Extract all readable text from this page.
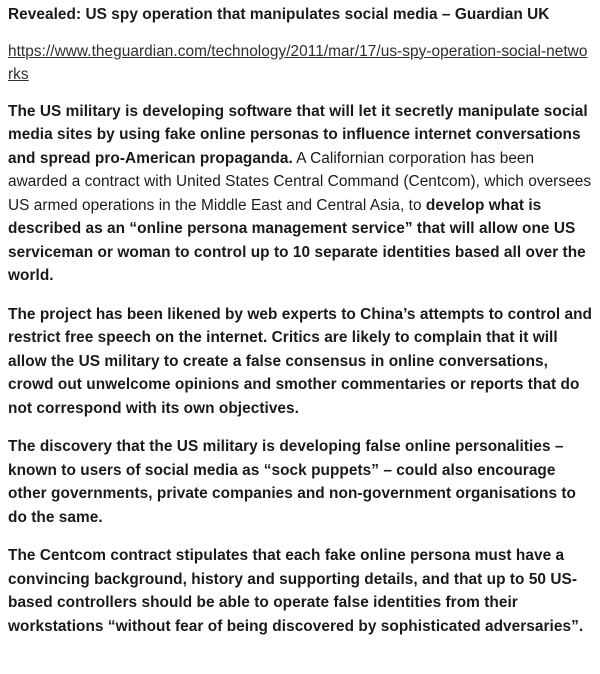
Revealed: US spy operation that manipulates social media – Guardian UK
https://www.theguardian.com/technology/2011/mar/17/us-spy-operation-social-networks
The US military is developing software that will let it secretly manipulate social media sites by using fake online personas to influence internet conversations and spread pro-American propaganda. A Californian corporation has been awarded a contract with United States Central Command (Centcom), which oversees US armed operations in the Middle East and Central Asia, to develop what is described as an “online persona management service” that will allow one US serviceman or woman to control up to 10 separate identities based all over the world.
The project has been likened by web experts to China’s attempts to control and restrict free speech on the internet. Critics are likely to complain that it will allow the US military to create a false consensus in online conversations, crowd out unwelcome opinions and smother commentaries or reports that do not correspond with its own objectives.
The discovery that the US military is developing false online personalities – known to users of social media as “sock puppets” – could also encourage other governments, private companies and non-government organisations to do the same.
The Centcom contract stipulates that each fake online persona must have a convincing background, history and supporting details, and that up to 50 US-based controllers should be able to operate false identities from their workstations “without fear of being discovered by sophisticated adversaries”.
